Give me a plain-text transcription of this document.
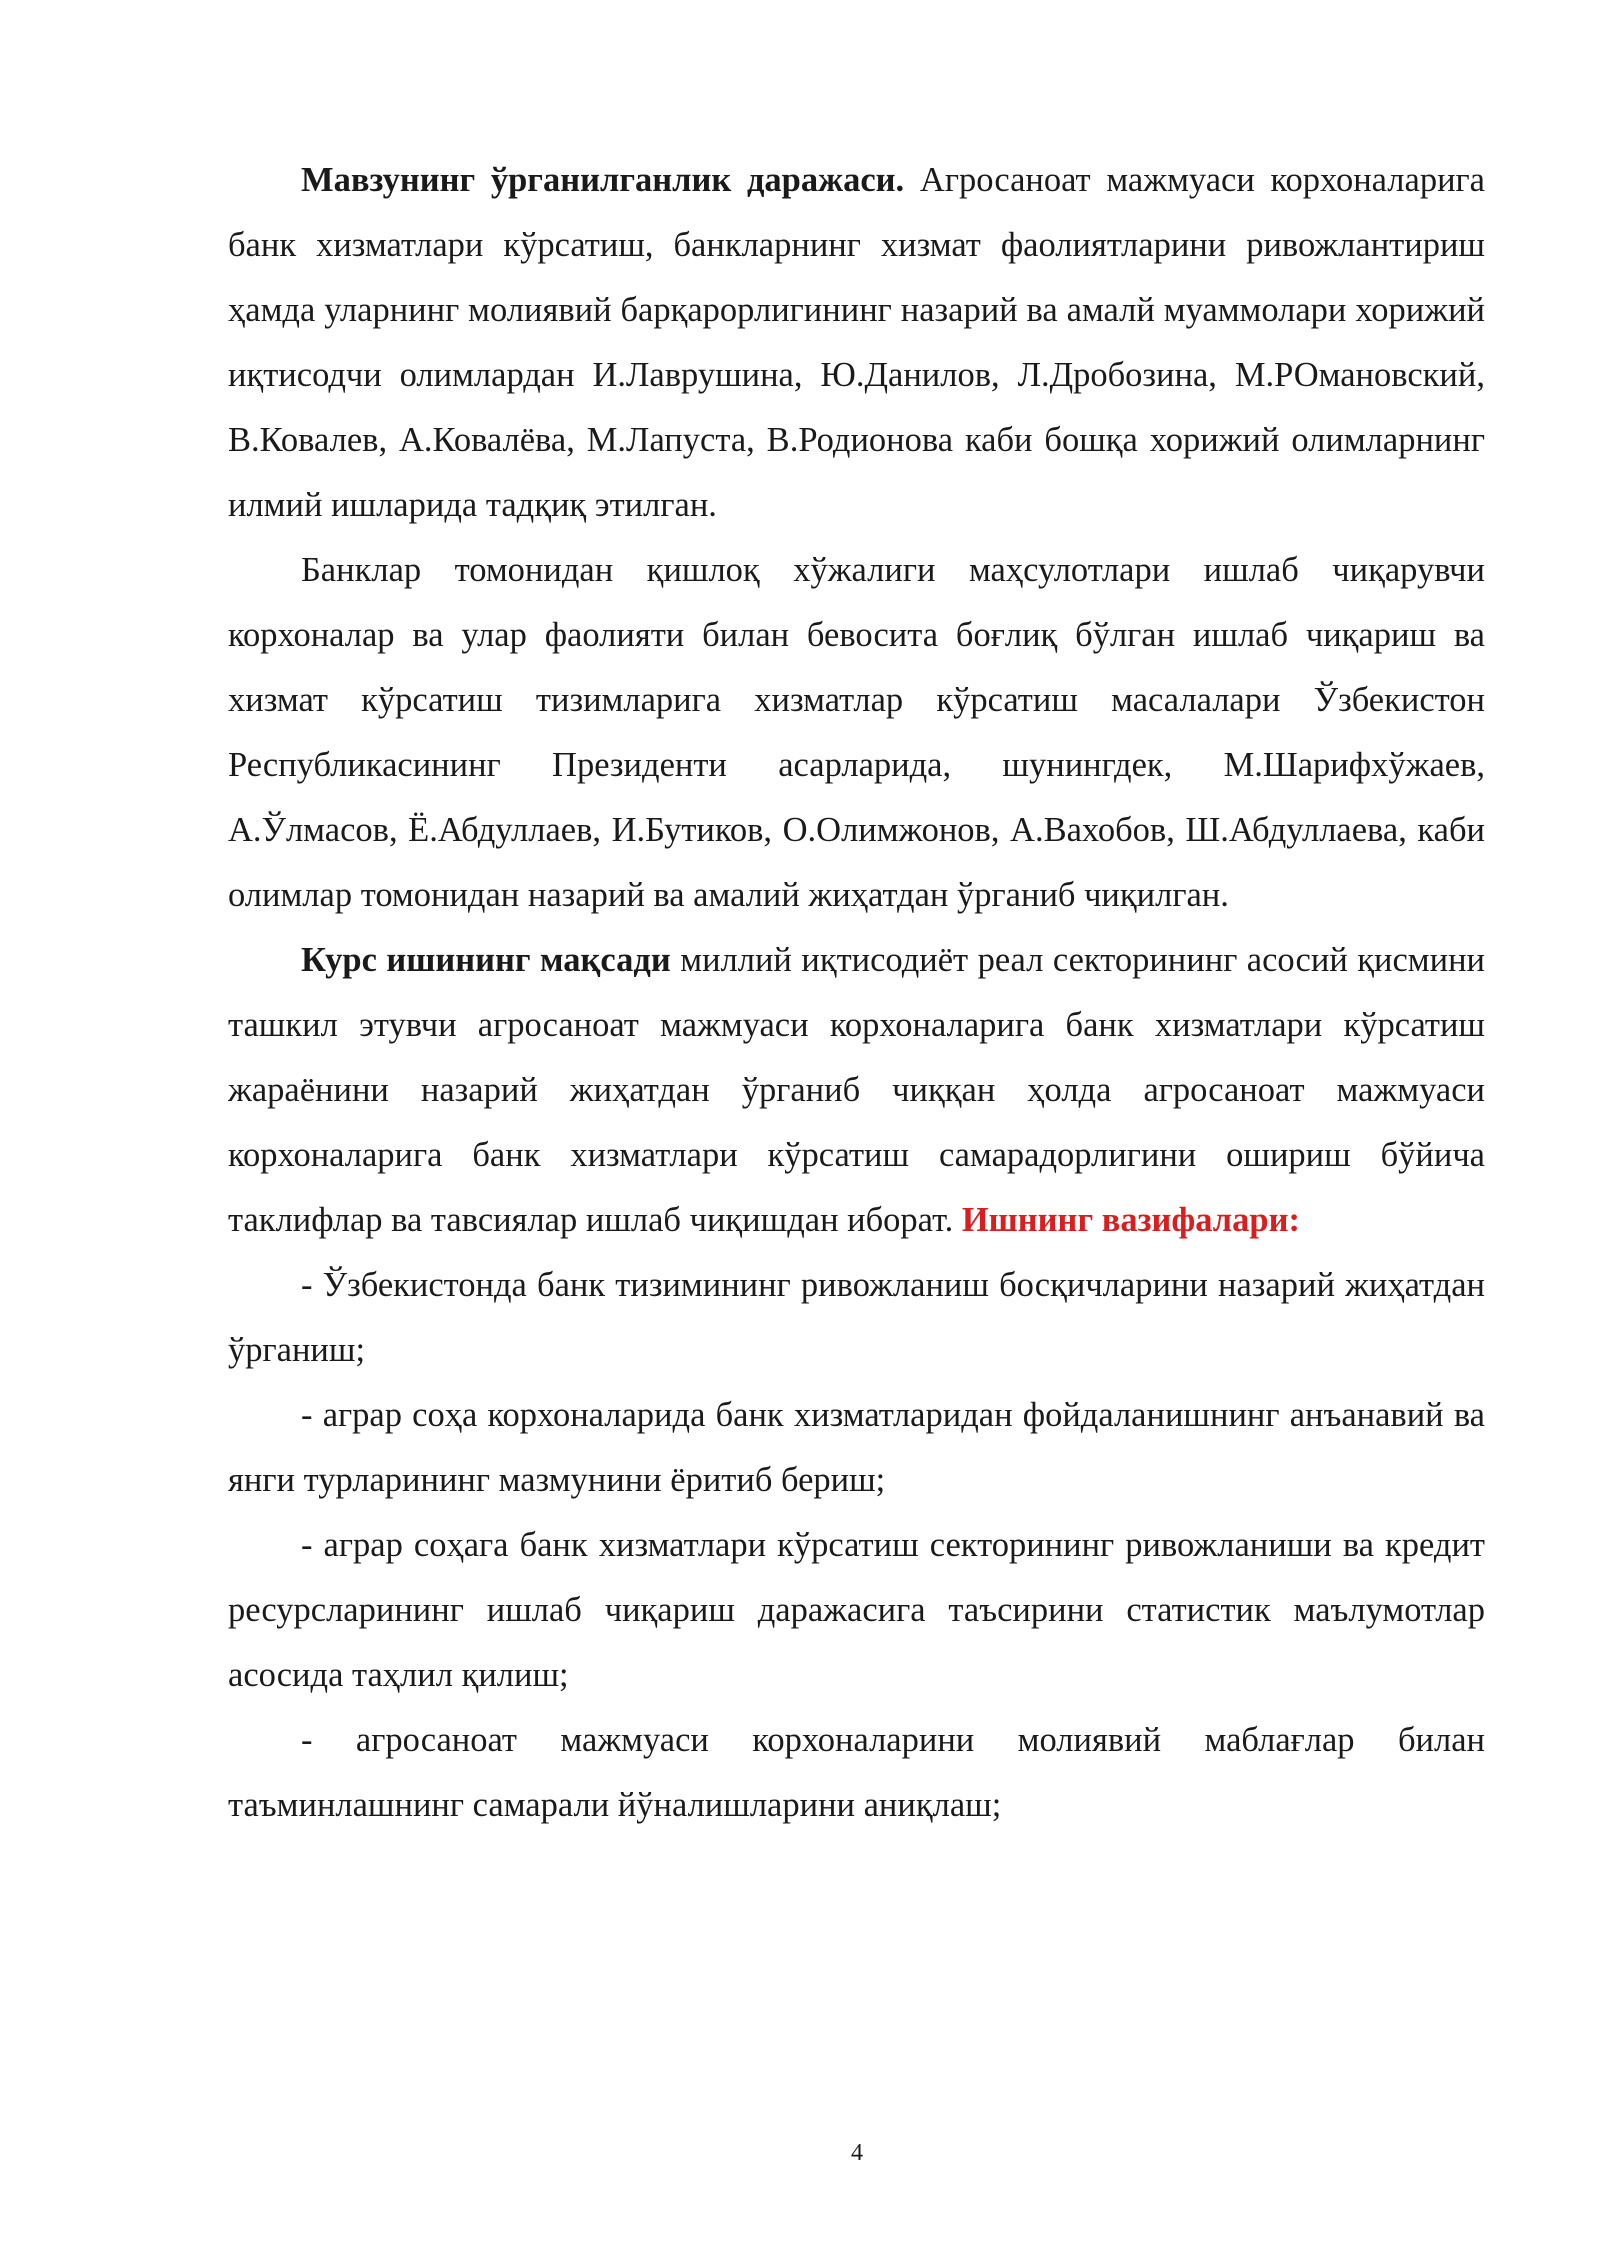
Мавзунинг ўрганилганлик даражаси. Агросаноат мажмуаси корхоналарига банк хизматлари кўрсатиш, банкларнинг хизмат фаолиятларини ривожлантириш ҳамда уларнинг молиявий барқарорлигининг назарий ва амалй муаммолари хорижий иқтисодчи олимлардан И.Лаврушина, Ю.Данилов, Л.Дробозина, М.РОмановский, В.Ковалев, А.Ковалёва, М.Лапуста, В.Родионова каби бошқа хорижий олимларнинг илмий ишларида тадқиқ этилган.

Банклар томонидан қишлоқ хўжалиги маҳсулотлари ишлаб чиқарувчи корхоналар ва улар фаолияти билан бевосита боғлиқ бўлган ишлаб чиқариш ва хизмат кўрсатиш тизимларига хизматлар кўрсатиш масалалари Ўзбекистон Республикасининг Президенти асарларида, шунингдек, М.Шарифхўжаев, А.Ўлмасов, Ё.Абдуллаев, И.Бутиков, О.Олимжонов, А.Вахобов, Ш.Абдуллаева, каби олимлар томонидан назарий ва амалий жиҳатдан ўрганиб чиқилган.

Курс ишининг мақсади миллий иқтисодиёт реал секторининг асосий қисмини ташкил этувчи агросаноат мажмуаси корхоналарига банк хизматлари кўрсатиш жараёнини назарий жиҳатдан ўрганиб чиққан ҳолда агросаноат мажмуаси корхоналарига банк хизматлари кўрсатиш самарадорлигини ошириш бўйича таклифлар ва тавсиялар ишлаб чиқишдан иборат. Ишнинг вазифалари:

- Ўзбекистонда банк тизимининг ривожланиш босқичларини назарий жиҳатдан ўрганиш;

- аграр соҳа корхоналарида банк хизматларидан фойдаланишнинг анъанавий ва янги турларининг мазмунини ёритиб бериш;

- аграр соҳага банк хизматлари кўрсатиш секторининг ривожланиши ва кредит ресурсларининг ишлаб чиқариш даражасига таъсирини статистик маълумотлар асосида таҳлил қилиш;

- агросаноат мажмуаси корхоналарини молиявий маблағлар билан таъминлашнинг самарали йўналишларини аниқлаш;

4
